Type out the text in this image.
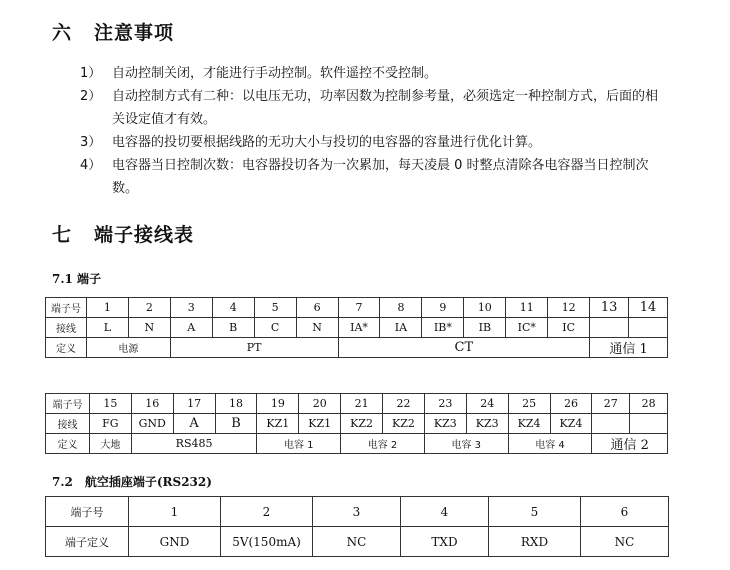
六 注意事项
1） 自动控制关闭，才能进行手动控制。软件遥控不受控制。
2） 自动控制方式有二种：以电压无功，功率因数为控制参考量，必须选定一种控制方式，后面的相关设定值才有效。
3） 电容器的投切要根据线路的无功大小与投切的电容器的容量进行优化计算。
4） 电容器当日控制次数：电容器投切各为一次累加，每天凌晨 0 时整点清除各电容器当日控制次数。
七 端子接线表
7.1 端子
端子号	1	2	3	4	5	6	7	8	9	10	11	12	13	14
接线	L	N	A	B	C	N	IA*	IA	IB*	IB	IC*	IC		
定义	电源		PT				CT						通信 1	
端子号	15	16	17	18	19	20	21	22	23	24	25	26	27	28
接线	FG	GND	A	B	KZ1	KZ1	KZ2	KZ2	KZ3	KZ3	KZ4	KZ4		
定义	大地	RS485			电容 1		电容 2		电容 3		电容 4		通信 2	
7.2　航空插座端子(RS232)
端子号	1	2	3	4	5	6
端子定义	GND	5V(150mA)	NC	TXD	RXD	NC
